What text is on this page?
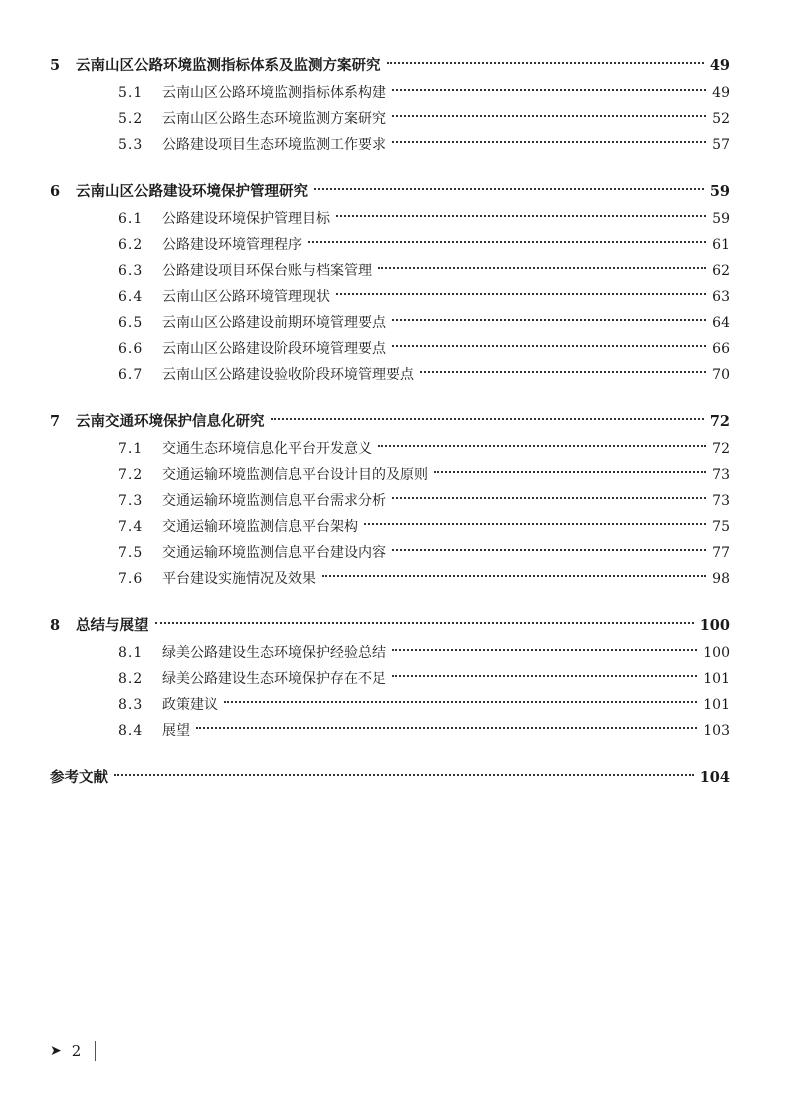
5	云南山区公路环境监测指标体系及监测方案研究	49
5.1	云南山区公路环境监测指标体系构建	49
5.2	云南山区公路生态环境监测方案研究	52
5.3	公路建设项目生态环境监测工作要求	57
6	云南山区公路建设环境保护管理研究	59
6.1	公路建设环境保护管理目标	59
6.2	公路建设环境管理程序	61
6.3	公路建设项目环保台账与档案管理	62
6.4	云南山区公路环境管理现状	63
6.5	云南山区公路建设前期环境管理要点	64
6.6	云南山区公路建设阶段环境管理要点	66
6.7	云南山区公路建设验收阶段环境管理要点	70
7	云南交通环境保护信息化研究	72
7.1	交通生态环境信息化平台开发意义	72
7.2	交通运输环境监测信息平台设计目的及原则	73
7.3	交通运输环境监测信息平台需求分析	73
7.4	交通运输环境监测信息平台架构	75
7.5	交通运输环境监测信息平台建设内容	77
7.6	平台建设实施情况及效果	98
8	总结与展望	100
8.1	绿美公路建设生态环境保护经验总结	100
8.2	绿美公路建设生态环境保护存在不足	101
8.3	政策建议	101
8.4	展望	103
参考文献	104
➤ 2
